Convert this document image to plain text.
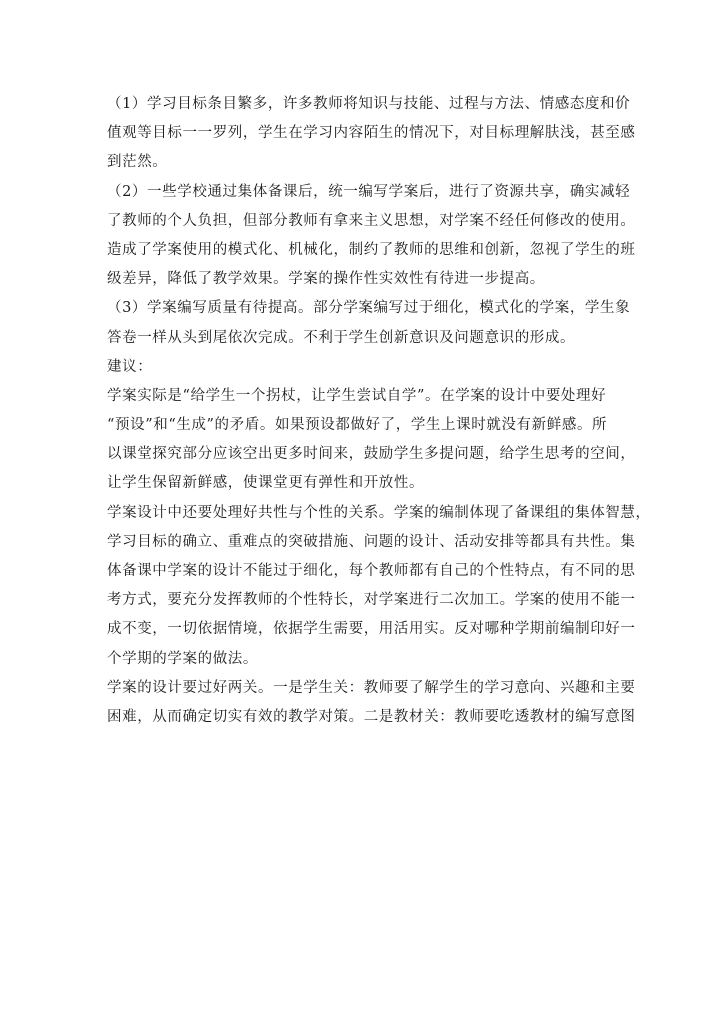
（1）学习目标条目繁多，许多教师将知识与技能、过程与方法、情感态度和价
值观等目标一一罗列，学生在学习内容陌生的情况下，对目标理解肤浅，甚至感
到茫然。
（2）一些学校通过集体备课后，统一编写学案后，进行了资源共享，确实减轻
了教师的个人负担，但部分教师有拿来主义思想，对学案不经任何修改的使用。
造成了学案使用的模式化、机械化，制约了教师的思维和创新，忽视了学生的班
级差异，降低了教学效果。学案的操作性实效性有待进一步提高。
（3）学案编写质量有待提高。部分学案编写过于细化，模式化的学案，学生象
答卷一样从头到尾依次完成。不利于学生创新意识及问题意识的形成。
建议：
学案实际是“给学生一个拐杖，让学生尝试自学”。在学案的设计中要处理好
“预设”和“生成”的矛盾。如果预设都做好了，学生上课时就没有新鲜感。所
以课堂探究部分应该空出更多时间来，鼓励学生多提问题，给学生思考的空间，
让学生保留新鲜感，使课堂更有弹性和开放性。
学案设计中还要处理好共性与个性的关系。学案的编制体现了备课组的集体智慧，
学习目标的确立、重难点的突破措施、问题的设计、活动安排等都具有共性。集
体备课中学案的设计不能过于细化，每个教师都有自己的个性特点，有不同的思
考方式，要充分发挥教师的个性特长，对学案进行二次加工。学案的使用不能一
成不变，一切依据情境，依据学生需要，用活用实。反对哪种学期前编制印好一
个学期的学案的做法。
学案的设计要过好两关。一是学生关：教师要了解学生的学习意向、兴趣和主要
困难，从而确定切实有效的教学对策。二是教材关：教师要吃透教材的编写意图
